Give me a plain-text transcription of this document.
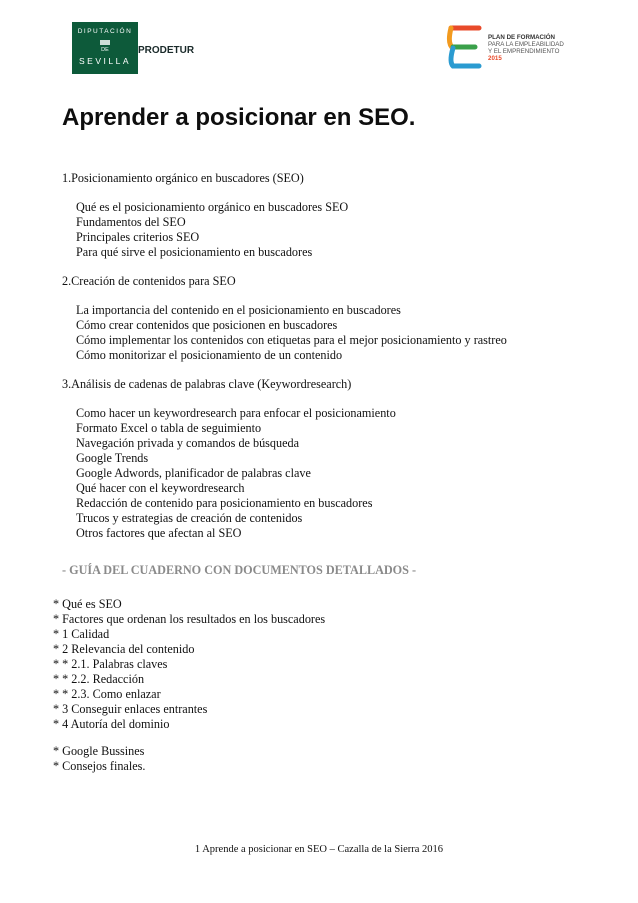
DIPUTACIÓN
DE
SEVILLA
PRODETUR
PLAN DE FORMACIÓN
PARA LA EMPLEABILIDAD
Y EL EMPRENDIMIENTO
2015
Aprender a posicionar en SEO.
1.Posicionamiento orgánico en buscadores (SEO)
Qué es el posicionamiento orgánico en buscadores SEO
Fundamentos del SEO
Principales criterios SEO
Para qué sirve el posicionamiento en buscadores
2.Creación de contenidos para SEO
La importancia del contenido en el posicionamiento en buscadores
Cómo crear contenidos que posicionen en buscadores
Cómo implementar los contenidos con etiquetas para el mejor posicionamiento y rastreo
Cómo monitorizar el posicionamiento de un contenido
3.Análisis de cadenas de palabras clave (Keywordresearch)
Como hacer un keywordresearch para enfocar el posicionamiento
Formato Excel o tabla de seguimiento
Navegación privada y comandos de búsqueda
Google Trends
Google Adwords, planificador de palabras clave
Qué hacer con el keywordresearch
Redacción de contenido para posicionamiento en buscadores
Trucos y estrategias de creación de contenidos
Otros factores que afectan al SEO
- GUÍA DEL CUADERNO CON DOCUMENTOS DETALLADOS -
* Qué es SEO
* Factores que ordenan los resultados en los buscadores
* 1 Calidad
* 2 Relevancia del contenido
* * 2.1. Palabras claves
* * 2.2. Redacción
* * 2.3. Como enlazar
* 3 Conseguir enlaces entrantes
* 4 Autoría del dominio
* Google Bussines
* Consejos finales.
1 Aprende a posicionar en SEO – Cazalla de la Sierra 2016
